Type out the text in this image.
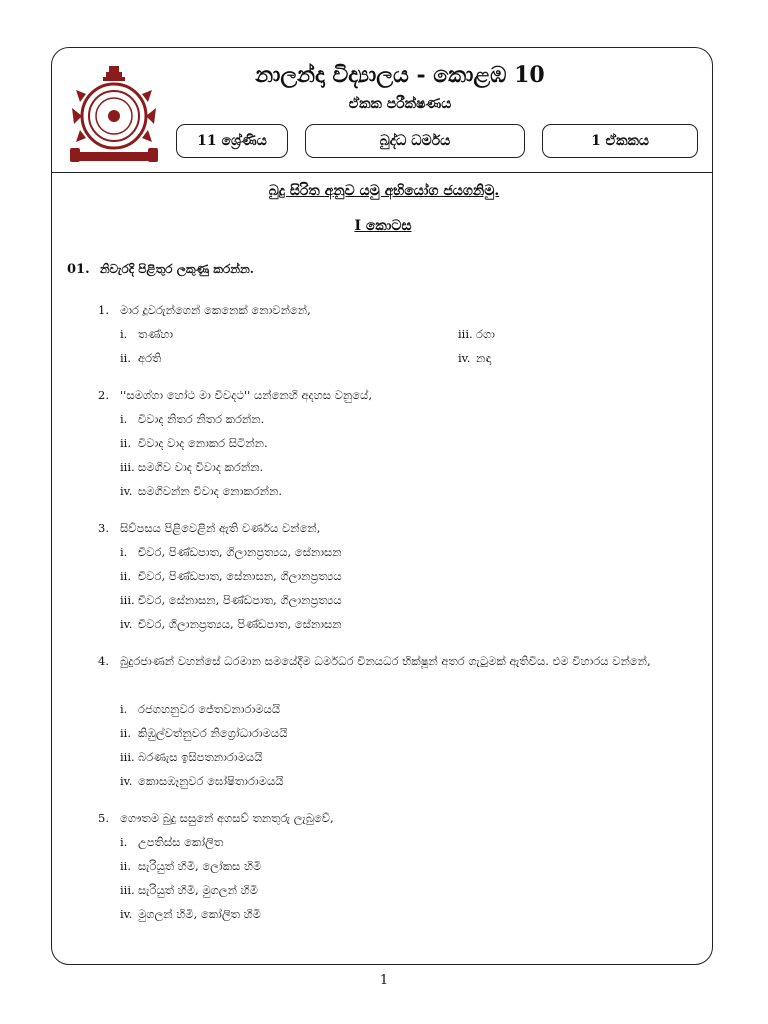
නාලන්දා විද්‍යාලය - කොළඹ 10
ඒකක පරීක්ෂණය
11 ශ්‍රේණිය	බුද්ධ ධර්මය	1 ඒකකය
බුදු සිරිත අනුව යමු අභියෝග ජයගනිමු.
I කොටස
01. නිවැරදි පිළිතුර ලකුණු කරන්න.
1. මාර දූවරුන්ගෙන් කෙනෙක් නොවන්නේ,
i. තණ්හා
ii. අරති
iii. රගා
iv. නඳා
2. ''සමග්ගා හෝථ මා විවදථ'' යන්නෙහි අදහස වනුයේ,
i. විවාද නිතර නිතර කරන්න.
ii. විවාද වාද නොකර සිටින්න.
iii. සමගිව වාද විවාද කරන්න.
iv. සමගිවන්න විවාද නොකරන්න.
3. සිව්පසය පිළිවෙළින් ඇති වර්ණය වන්නේ,
i. චීවර, පිණ්ඩපාත, ගිලානප්‍රත්‍යය, සේනාසන
ii. චීවර, පිණ්ඩපාත, සේනාසන, ගිලානප්‍රත්‍යය
iii. චීවර, සේනාසන, පිණ්ඩපාත, ගිලානප්‍රත්‍යය
iv. චීවර, ගිලානප්‍රත්‍යය, පිණ්ඩපාත, සේනාසන
4. බුදුරජාණන් වහන්සේ ධරමාන සමයේදීම ධර්මධර විනයධර භික්ෂූන් අතර ගැටුමක් ඇතිවිය. එම විහාරය වන්නේ,
i. රජගහනුවර ජේතවනාරාමයයි
ii. කිඹුල්වත්නුවර නිග්‍රෝධාරාමයයි
iii. බරණැස ඉසිපතනාරාමයයි
iv. කොසඹෑනුවර ඝෝෂිතාරාමයයි
5. ගෞතම බුදු සසුනේ අගසව් තනතුරු ලැබුවේ,
i. උපතිස්ස කෝලිත
ii. සැරියුත් හිමි, ලෝකස හිමි
iii. සැරියුත් හිමි, මුගලන් හිමි
iv. මුගලන් හිමි, කෝලිත හිමි
1
